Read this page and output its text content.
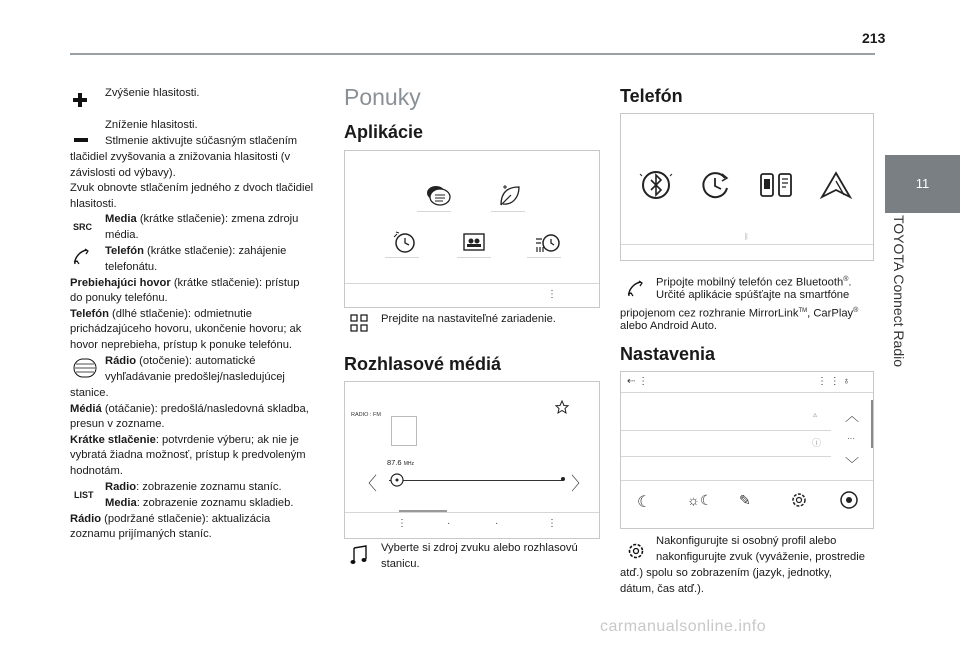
213
11
TOYOTA Connect Radio
Zvýšenie hlasitosti.
Zníženie hlasitosti.
Stlmenie aktivujte súčasným stlačením
tlačidiel zvyšovania a znižovania hlasitosti (v
závislosti od výbavy).
Zvuk obnovte stlačením jedného z dvoch tlačidiel
hlasitosti.
SRC
Media (krátke stlačenie): zmena zdroju
média.
Telefón (krátke stlačenie): zahájenie
telefonátu.
Prebiehajúci hovor (krátke stlačenie): prístup
do ponuky telefónu.
Telefón (dlhé stlačenie): odmietnutie
prichádzajúceho hovoru, ukončenie hovoru; ak
hovor neprebieha, prístup k ponuke telefónu.
Rádio (otočenie): automatické
vyhľadávanie predošlej/nasledujúcej
stanice.
Médiá (otáčanie): predošlá/nasledovná skladba,
presun v zozname.
Krátke stlačenie: potvrdenie výberu; ak nie je
vybratá žiadna možnosť, prístup k predvoleným
hodnotám.
LIST
Radio: zobrazenie zoznamu staníc.
Media: zobrazenie zoznamu skladieb.
Rádio (podržané stlačenie): aktualizácia
zoznamu prijímaných staníc.
Ponuky
Aplikácie
⋮
Prejdite na nastaviteľné zariadenie.
Rozhlasové médiá
RADIO : FM
87.6 MHz
〈	〉
⋮	·	·	⋮
Vyberte si zdroj zvuku alebo rozhlasovú
stanicu.
Telefón
ᛒ
Pripojte mobilný telefón cez Bluetooth®.
Určité aplikácie spúšťajte na smartfóne
pripojenom cez rozhranie MirrorLink™, CarPlay®
alebo Android Auto.
Nastavenia
⇠ ⋮	⋮ ⋮ ♁
▵
ⓘ
︿
···
﹀
☾	☼☾ ✎
Nakonfigurujte si osobný profil alebo
nakonfigurujte zvuk (vyváženie, prostredie
atď.) spolu so zobrazením (jazyk, jednotky,
dátum, čas atď.).
carmanualsonline.info
